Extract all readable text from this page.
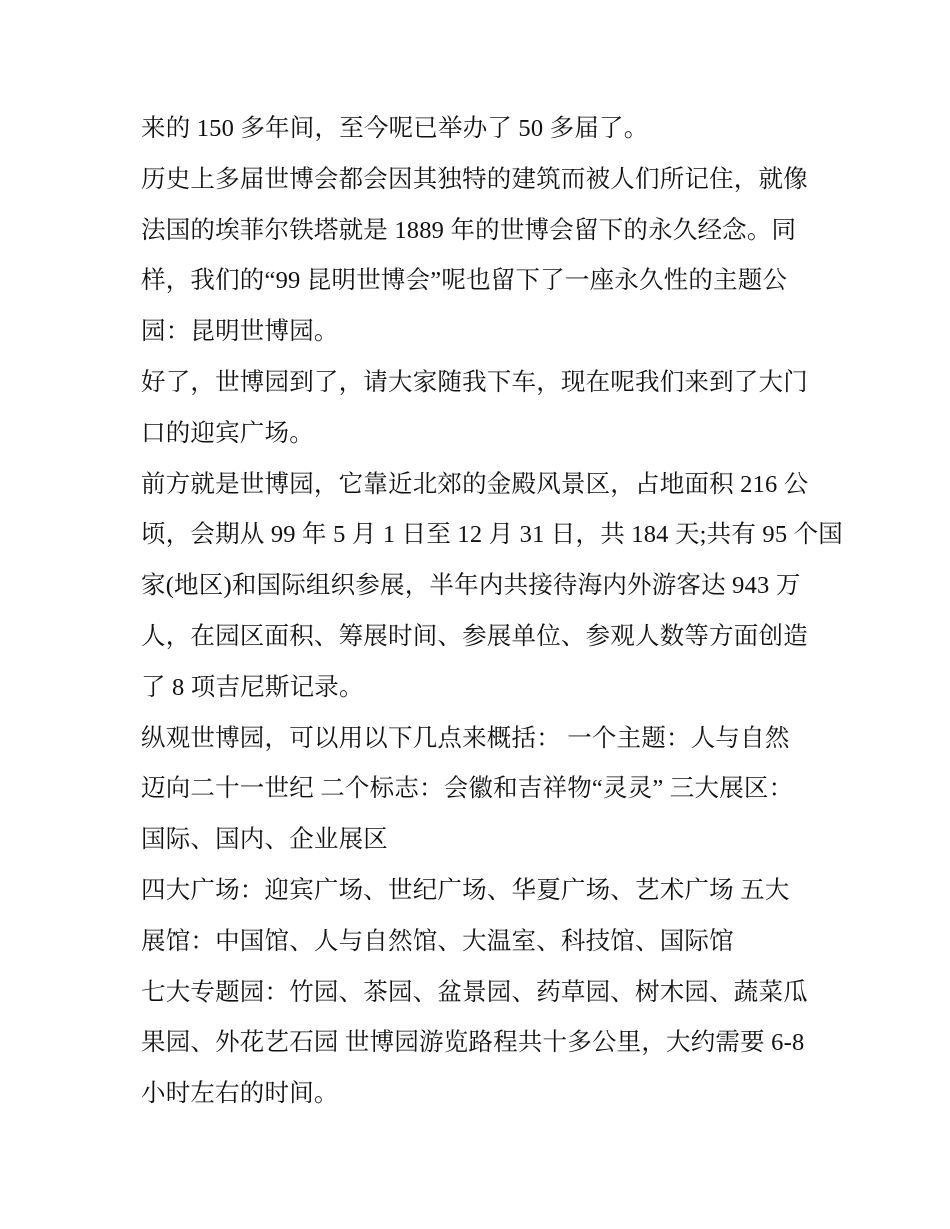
来的 150 多年间，至今呢已举办了 50 多届了。
历史上多届世博会都会因其独特的建筑而被人们所记住，就像
法国的埃菲尔铁塔就是 1889 年的世博会留下的永久经念。同
样，我们的“99 昆明世博会”呢也留下了一座永久性的主题公
园：昆明世博园。
好了，世博园到了，请大家随我下车，现在呢我们来到了大门
口的迎宾广场。
前方就是世博园，它靠近北郊的金殿风景区，占地面积 216 公
顷，会期从 99 年 5 月 1 日至 12 月 31 日，共 184 天;共有 95 个国
家(地区)和国际组织参展，半年内共接待海内外游客达 943 万
人，在园区面积、筹展时间、参展单位、参观人数等方面创造
了 8 项吉尼斯记录。
纵观世博园，可以用以下几点来概括： 一个主题：人与自然
迈向二十一世纪 二个标志：会徽和吉祥物“灵灵” 三大展区：
国际、国内、企业展区
四大广场：迎宾广场、世纪广场、华夏广场、艺术广场 五大
展馆：中国馆、人与自然馆、大温室、科技馆、国际馆
七大专题园：竹园、茶园、盆景园、药草园、树木园、蔬菜瓜
果园、外花艺石园 世博园游览路程共十多公里，大约需要 6-8
小时左右的时间。
